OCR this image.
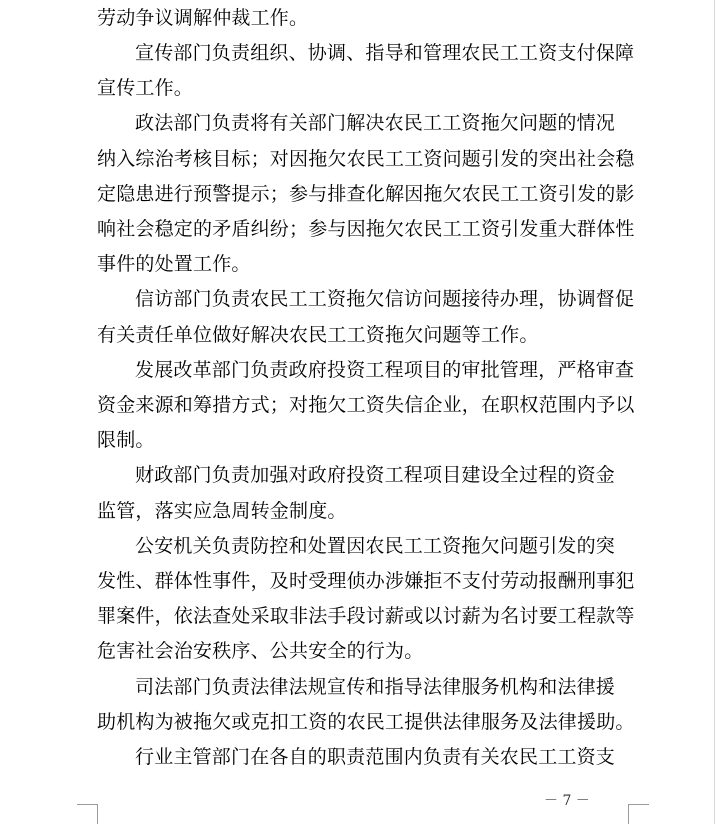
劳动争议调解仲裁工作。
宣传部门负责组织、协调、指导和管理农民工工资支付保障
宣传工作。
政法部门负责将有关部门解决农民工工资拖欠问题的情况
纳入综治考核目标；对因拖欠农民工工资问题引发的突出社会稳
定隐患进行预警提示；参与排查化解因拖欠农民工工资引发的影
响社会稳定的矛盾纠纷；参与因拖欠农民工工资引发重大群体性
事件的处置工作。
信访部门负责农民工工资拖欠信访问题接待办理，协调督促
有关责任单位做好解决农民工工资拖欠问题等工作。
发展改革部门负责政府投资工程项目的审批管理，严格审查
资金来源和筹措方式；对拖欠工资失信企业，在职权范围内予以
限制。
财政部门负责加强对政府投资工程项目建设全过程的资金
监管，落实应急周转金制度。
公安机关负责防控和处置因农民工工资拖欠问题引发的突
发性、群体性事件，及时受理侦办涉嫌拒不支付劳动报酬刑事犯
罪案件，依法查处采取非法手段讨薪或以讨薪为名讨要工程款等
危害社会治安秩序、公共安全的行为。
司法部门负责法律法规宣传和指导法律服务机构和法律援
助机构为被拖欠或克扣工资的农民工提供法律服务及法律援助。
行业主管部门在各自的职责范围内负责有关农民工工资支
－ 7 －
